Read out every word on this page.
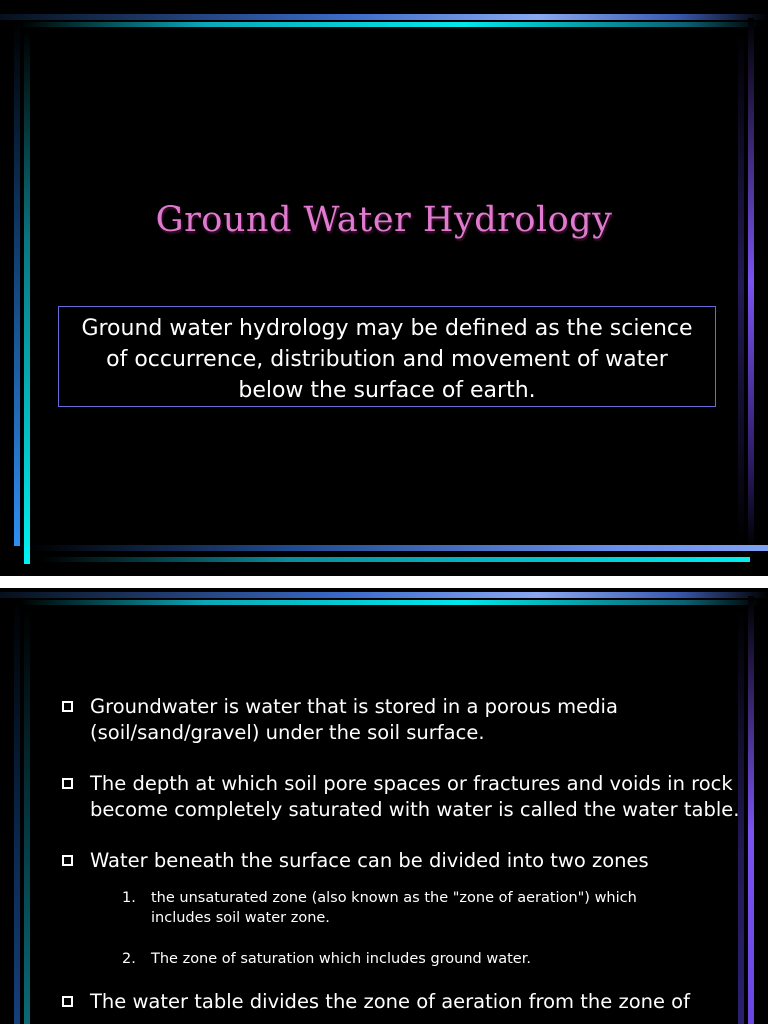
Ground Water Hydrology
Ground water hydrology may be defined as the science
of occurrence, distribution and movement of water
below the surface of earth.
Groundwater is water that is stored in a porous media
(soil/sand/gravel) under the soil surface.
The depth at which soil pore spaces or fractures and voids in rock
become completely saturated with water is called the water table.
Water beneath the surface can be divided into two zones
1. the unsaturated zone (also known as the "zone of aeration") which
includes soil water zone.
2. The zone of saturation which includes ground water.
The water table divides the zone of aeration from the zone of
